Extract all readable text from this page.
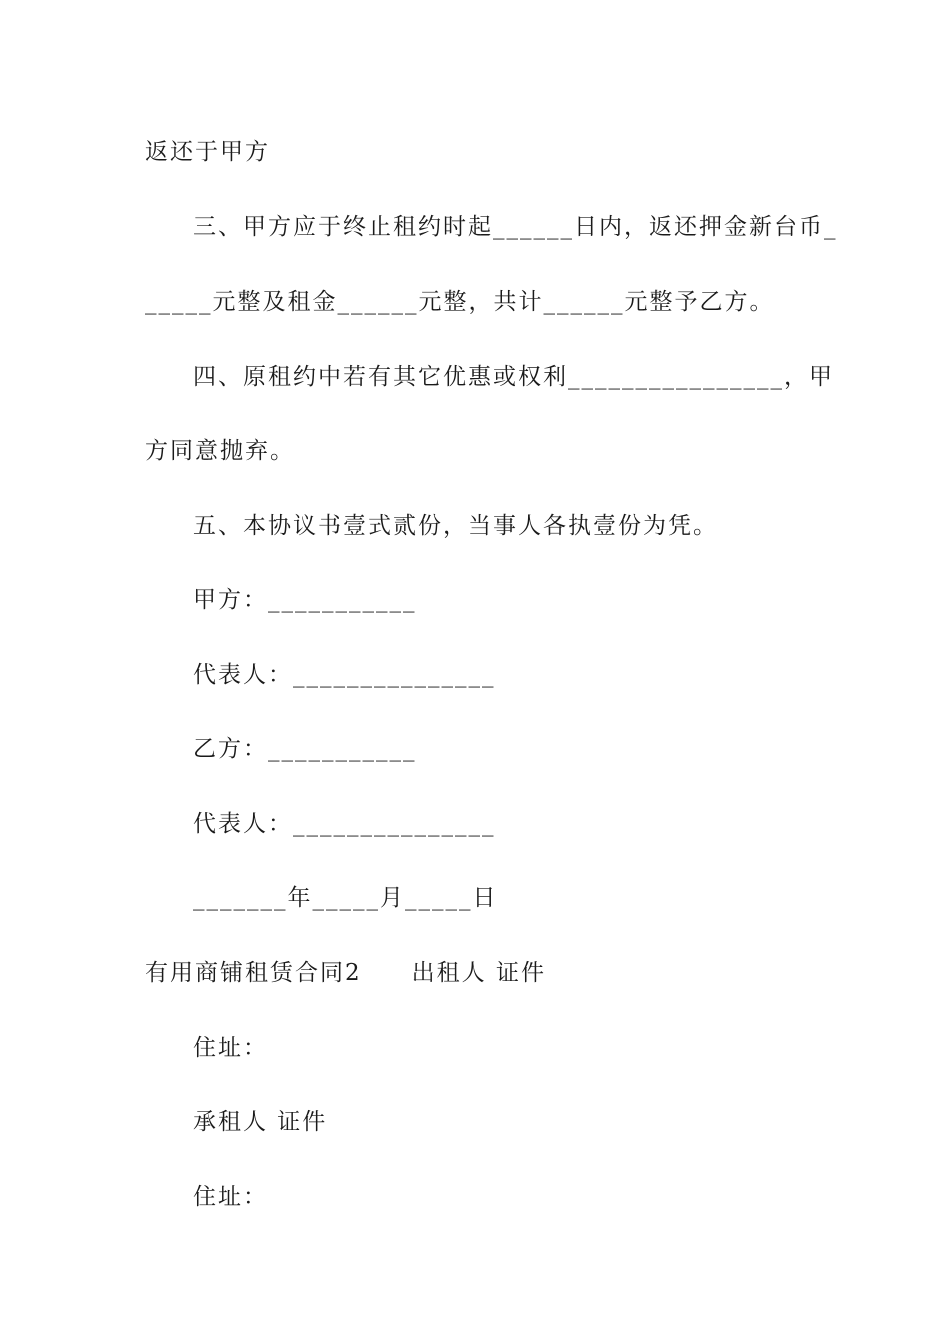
返还于甲方
三、甲方应于终止租约时起______日内，返还押金新台币_
_____元整及租金______元整，共计______元整予乙方。
四、原租约中若有其它优惠或权利________________，甲
方同意抛弃。
五、本协议书壹式贰份，当事人各执壹份为凭。
甲方：___________
代表人：_______________
乙方：___________
代表人：_______________
_______年_____月_____日
有用商铺租赁合同2　　出租人 证件
住址：
承租人 证件
住址：
